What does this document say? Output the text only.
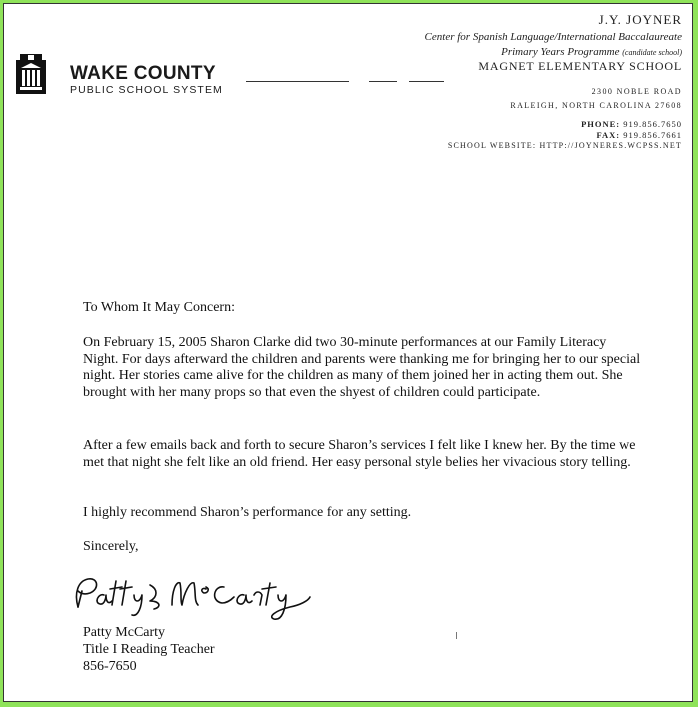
WAKE COUNTY
PUBLIC SCHOOL SYSTEM
J.Y. JOYNER
Center for Spanish Language/International Baccalaureate
Primary Years Programme (candidate school)
MAGNET ELEMENTARY SCHOOL
2300 NOBLE ROAD
RALEIGH, NORTH CAROLINA 27608
PHONE: 919.856.7650
FAX: 919.856.7661
SCHOOL WEBSITE: HTTP://JOYNERES.WCPSS.NET
To Whom It May Concern:
On February 15, 2005 Sharon Clarke did two 30-minute performances at our Family Literacy Night. For days afterward the children and parents were thanking me for bringing her to our special night. Her stories came alive for the children as many of them joined her in acting them out. She brought with her many props so that even the shyest of children could participate.
After a few emails back and forth to secure Sharon’s services I felt like I knew her. By the time we met that night she felt like an old friend. Her easy personal style belies her vivacious story telling.
I highly recommend Sharon’s performance for any setting.
Sincerely,
Patty McCarty
Title I Reading Teacher
856-7650
